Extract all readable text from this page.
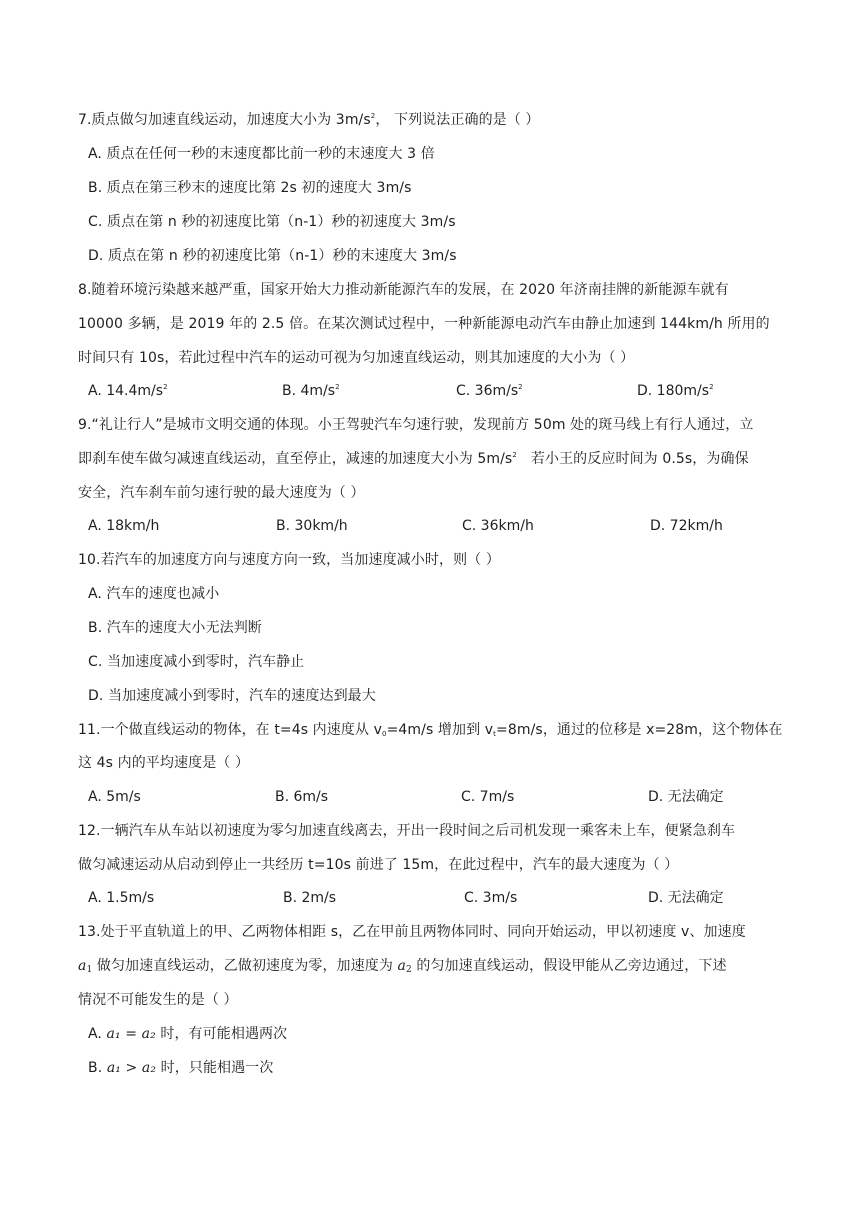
7.质点做匀加速直线运动，加速度大小为 $3m/s^2$， 下列说法正确的是（ ）
A. 质点在任何一秒的末速度都比前一秒的末速度大 3 倍
B. 质点在第三秒末的速度比第 2s 初的速度大 3m/s
C. 质点在第 n 秒的初速度比第（n-1）秒的初速度大 3m/s
D. 质点在第 n 秒的初速度比第（n-1）秒的末速度大 3m/s
8.随着环境污染越来越严重，国家开始大力推动新能源汽车的发展，在 2020 年济南挂牌的新能源车就有
10000 多辆，是 2019 年的 2.5 倍。在某次测试过程中，一种新能源电动汽车由静止加速到 144km/h 所用的
时间只有 10s，若此过程中汽车的运动可视为匀加速直线运动，则其加速度的大小为（ ）
A. $14.4m/s^2$	B. $4m/s^2$	C. $36m/s^2$	D. $180m/s^2$
9.“礼让行人”是城市文明交通的体现。小王驾驶汽车匀速行驶，发现前方 50m 处的斑马线上有行人通过，立
即刹车使车做匀减速直线运动，直至停止，减速的加速度大小为 $5m/s^2$ 若小王的反应时间为 0.5s，为确保
安全，汽车刹车前匀速行驶的最大速度为（ ）
A. 18km/h	B. 30km/h	C. 36km/h	D. 72km/h
10.若汽车的加速度方向与速度方向一致，当加速度减小时，则（ ）
A. 汽车的速度也减小
B. 汽车的速度大小无法判断
C. 当加速度减小到零时，汽车静止
D. 当加速度减小到零时，汽车的速度达到最大
11.一个做直线运动的物体，在 t=4s 内速度从 $v_0=4m/s$ 增加到 $v_t=8m/s$，通过的位移是 x=28m，这个物体在
这 4s 内的平均速度是（ ）
A. 5m/s	B. 6m/s	C. 7m/s	D. 无法确定
12.一辆汽车从车站以初速度为零匀加速直线离去，开出一段时间之后司机发现一乘客未上车，便紧急刹车
做匀减速运动从启动到停止一共经历 t=10s 前进了 15m，在此过程中，汽车的最大速度为（ ）
A. 1.5m/s	B. 2m/s	C. 3m/s	D. 无法确定
13.处于平直轨道上的甲、乙两物体相距 s，乙在甲前且两物体同时、同向开始运动，甲以初速度 v、加速度
$a_1$ 做匀加速直线运动，乙做初速度为零，加速度为 $a_2$ 的匀加速直线运动，假设甲能从乙旁边通过，下述
情况不可能发生的是（ ）
A. a₁ = a₂ 时，有可能相遇两次
B. a₁ > a₂ 时，只能相遇一次
